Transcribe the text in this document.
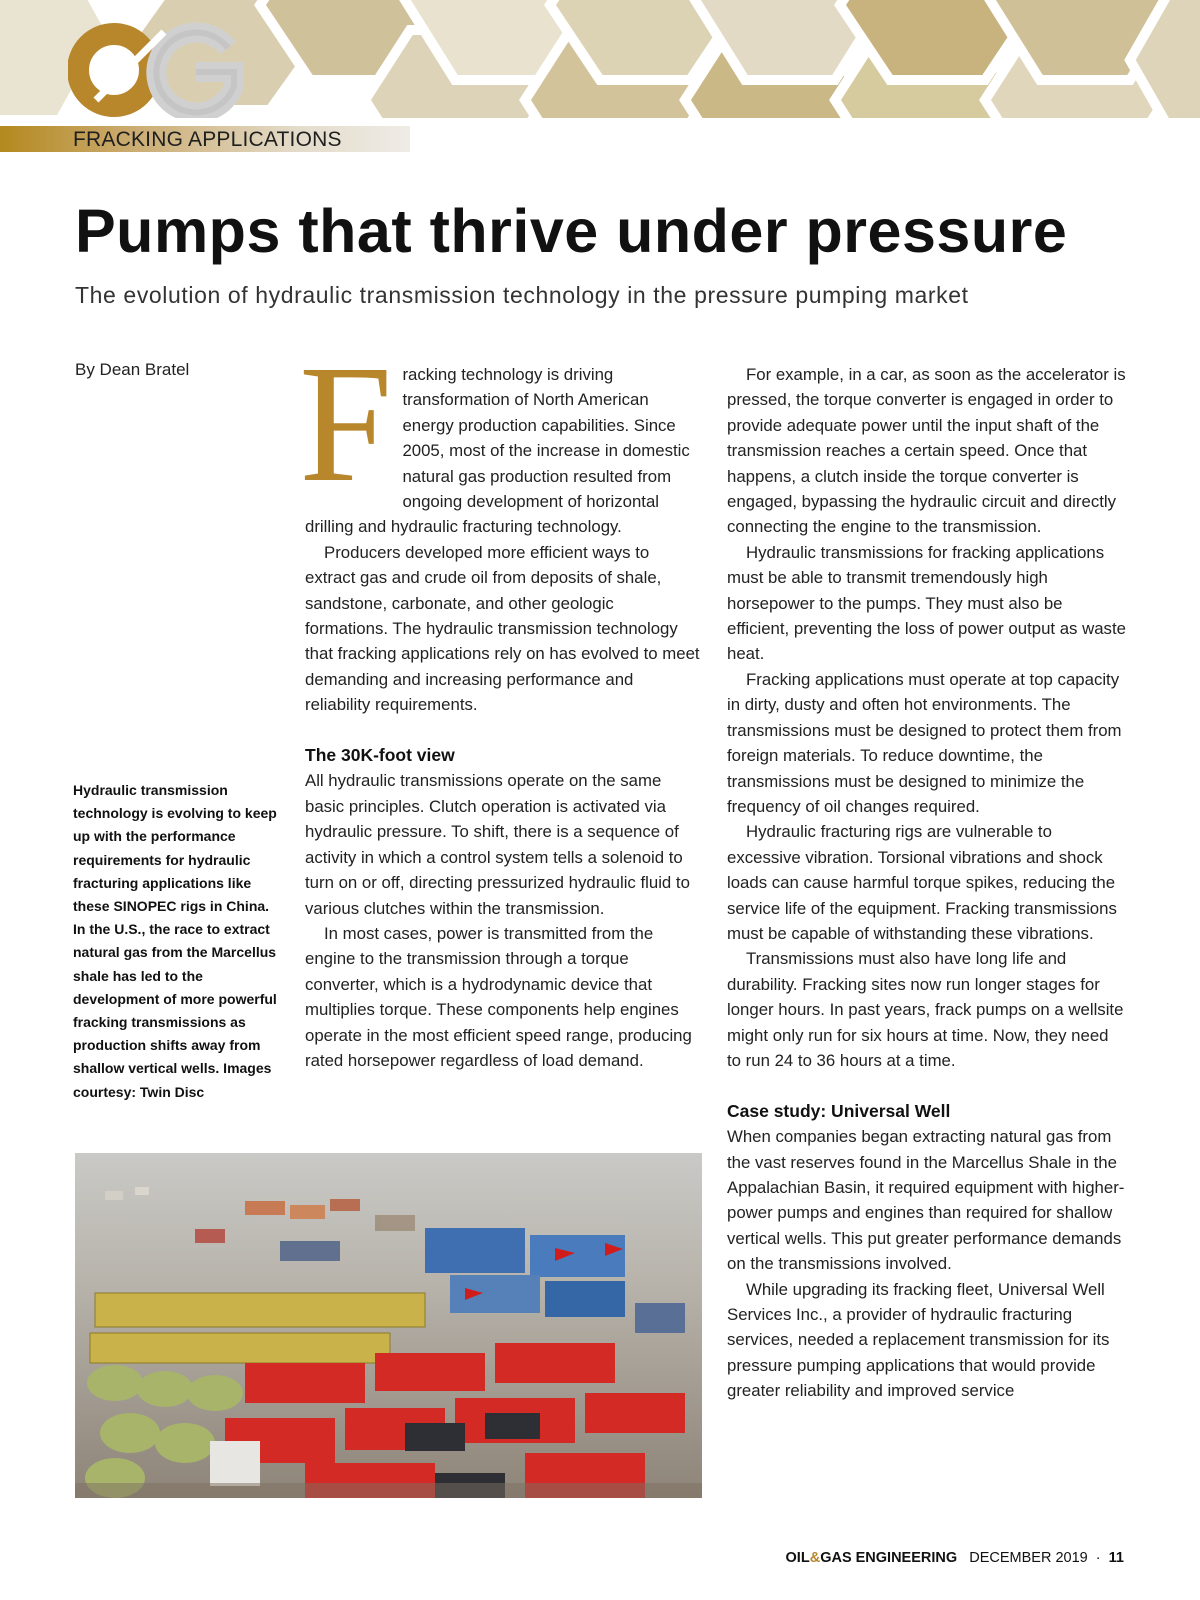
FRACKING APPLICATIONS
Pumps that thrive under pressure

The evolution of hydraulic transmission technology in the pressure pumping market

By Dean Bratel
Hydraulic transmission technology is evolving to keep up with the performance requirements for hydraulic fracturing applications like these SINOPEC rigs in China. In the U.S., the race to extract natural gas from the Marcellus shale has led to the development of more powerful fracking transmissions as production shifts away from shallow vertical wells. Images courtesy: Twin Disc

Fracking technology is driving transformation of North American energy production capabilities. Since 2005, most of the increase in domestic natural gas production resulted from ongoing development of horizontal drilling and hydraulic fracturing technology.

Producers developed more efficient ways to extract gas and crude oil from deposits of shale, sandstone, carbonate, and other geologic formations. The hydraulic transmission technology that fracking applications rely on has evolved to meet demanding and increasing performance and reliability requirements.

The 30K-foot view

All hydraulic transmissions operate on the same basic principles. Clutch operation is activated via hydraulic pressure. To shift, there is a sequence of activity in which a control system tells a solenoid to turn on or off, directing pressurized hydraulic fluid to various clutches within the transmission.

In most cases, power is transmitted from the engine to the transmission through a torque converter, which is a hydrodynamic device that multiplies torque. These components help engines operate in the most efficient speed range, producing rated horsepower regardless of load demand.

For example, in a car, as soon as the accelerator is pressed, the torque converter is engaged in order to provide adequate power until the input shaft of the transmission reaches a certain speed. Once that happens, a clutch inside the torque converter is engaged, bypassing the hydraulic circuit and directly connecting the engine to the transmission.

Hydraulic transmissions for fracking applications must be able to transmit tremendously high horsepower to the pumps. They must also be efficient, preventing the loss of power output as waste heat.

Fracking applications must operate at top capacity in dirty, dusty and often hot environments. The transmissions must be designed to protect them from foreign materials. To reduce downtime, the transmissions must be designed to minimize the frequency of oil changes required.

Hydraulic fracturing rigs are vulnerable to excessive vibration. Torsional vibrations and shock loads can cause harmful torque spikes, reducing the service life of the equipment. Fracking transmissions must be capable of withstanding these vibrations.

Transmissions must also have long life and durability. Fracking sites now run longer stages for longer hours. In past years, frack pumps on a wellsite might only run for six hours at time. Now, they need to run 24 to 36 hours at a time.

Case study: Universal Well

When companies began extracting natural gas from the vast reserves found in the Marcellus Shale in the Appalachian Basin, it required equipment with higher-power pumps and engines than required for shallow vertical wells. This put greater performance demands on the transmissions involved.

While upgrading its fracking fleet, Universal Well Services Inc., a provider of hydraulic fracturing services, needed a replacement transmission for its pressure pumping applications that would provide greater reliability and improved service

OIL&GAS ENGINEERING DECEMBER 2019 · 11
